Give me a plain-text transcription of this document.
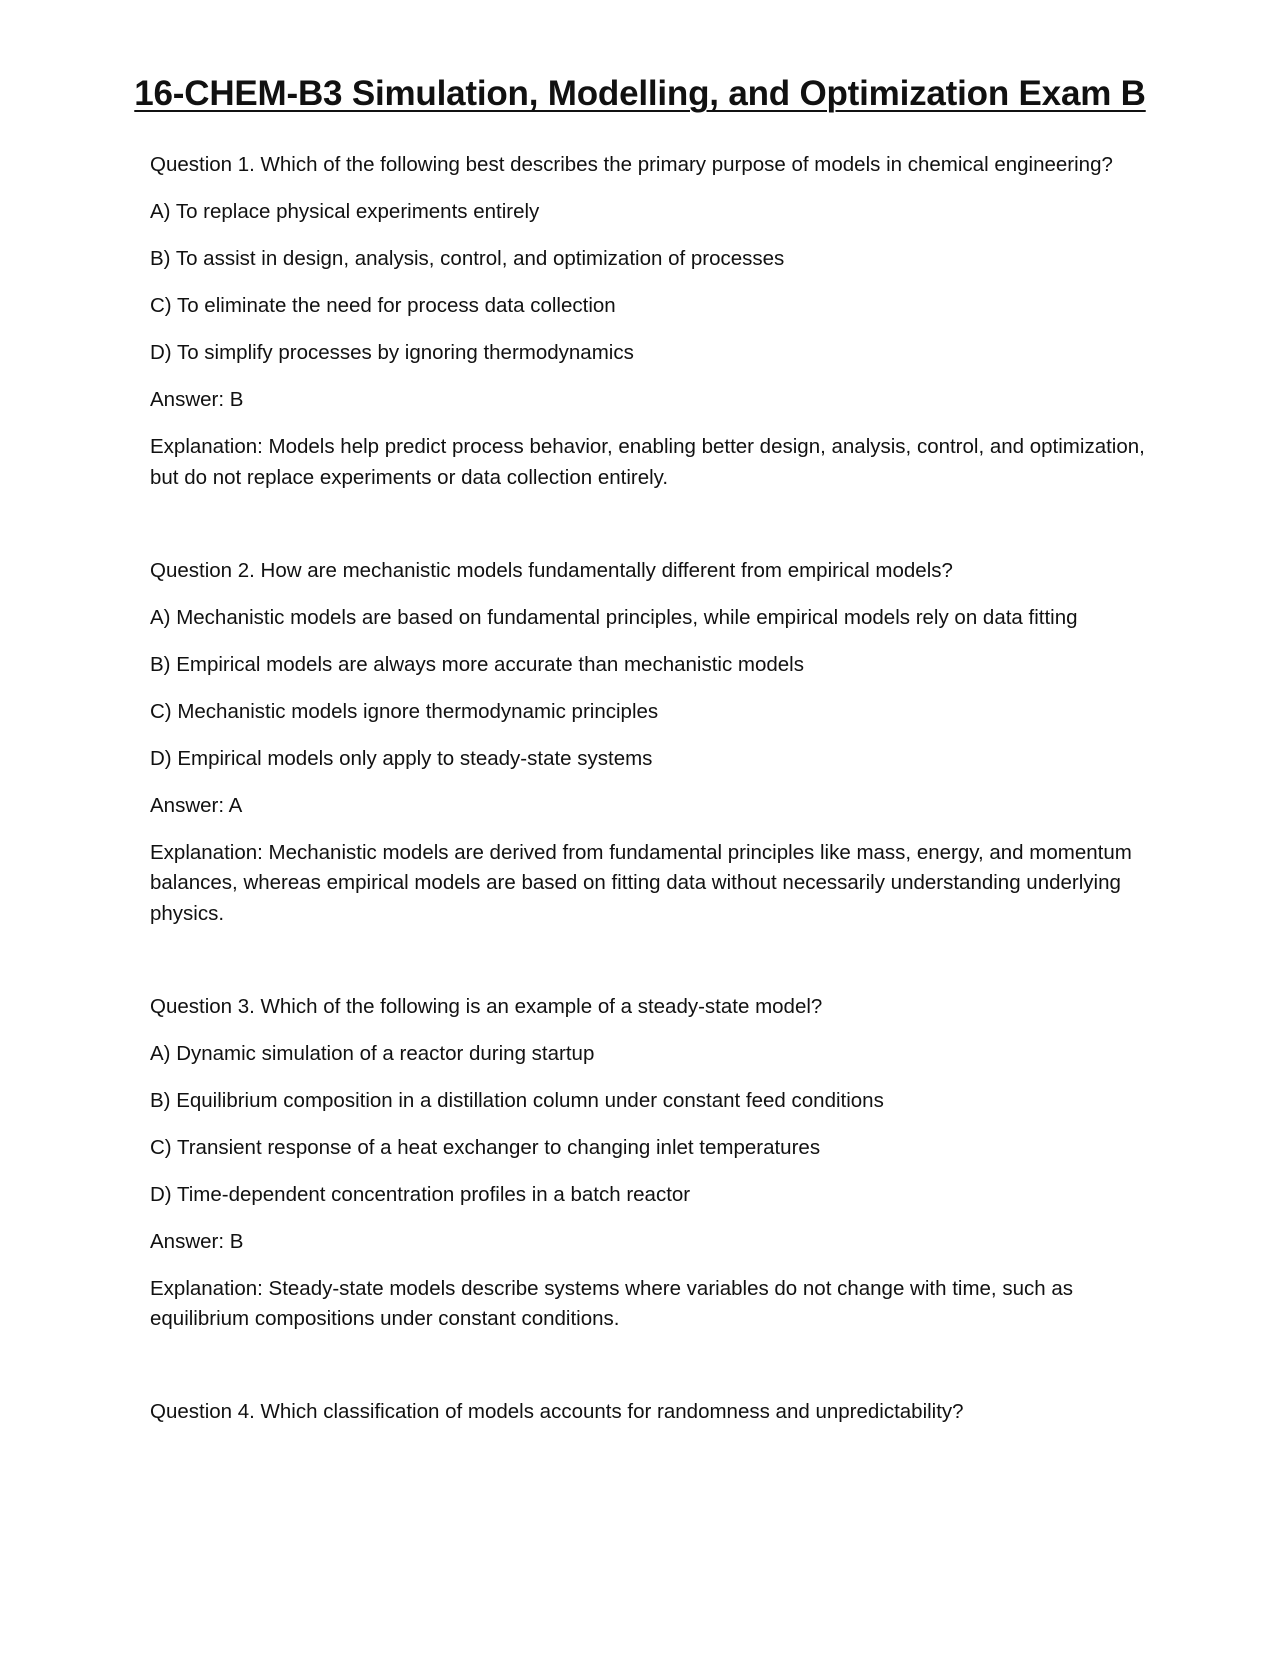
16-CHEM-B3 Simulation, Modelling, and Optimization Exam B

Question 1. Which of the following best describes the primary purpose of models in chemical engineering?

A) To replace physical experiments entirely

B) To assist in design, analysis, control, and optimization of processes

C) To eliminate the need for process data collection

D) To simplify processes by ignoring thermodynamics

Answer: B

Explanation: Models help predict process behavior, enabling better design, analysis, control, and optimization, but do not replace experiments or data collection entirely.

Question 2. How are mechanistic models fundamentally different from empirical models?

A) Mechanistic models are based on fundamental principles, while empirical models rely on data fitting

B) Empirical models are always more accurate than mechanistic models

C) Mechanistic models ignore thermodynamic principles

D) Empirical models only apply to steady-state systems

Answer: A

Explanation: Mechanistic models are derived from fundamental principles like mass, energy, and momentum balances, whereas empirical models are based on fitting data without necessarily understanding underlying physics.

Question 3. Which of the following is an example of a steady-state model?

A) Dynamic simulation of a reactor during startup

B) Equilibrium composition in a distillation column under constant feed conditions

C) Transient response of a heat exchanger to changing inlet temperatures

D) Time-dependent concentration profiles in a batch reactor

Answer: B

Explanation: Steady-state models describe systems where variables do not change with time, such as equilibrium compositions under constant conditions.

Question 4. Which classification of models accounts for randomness and unpredictability?
